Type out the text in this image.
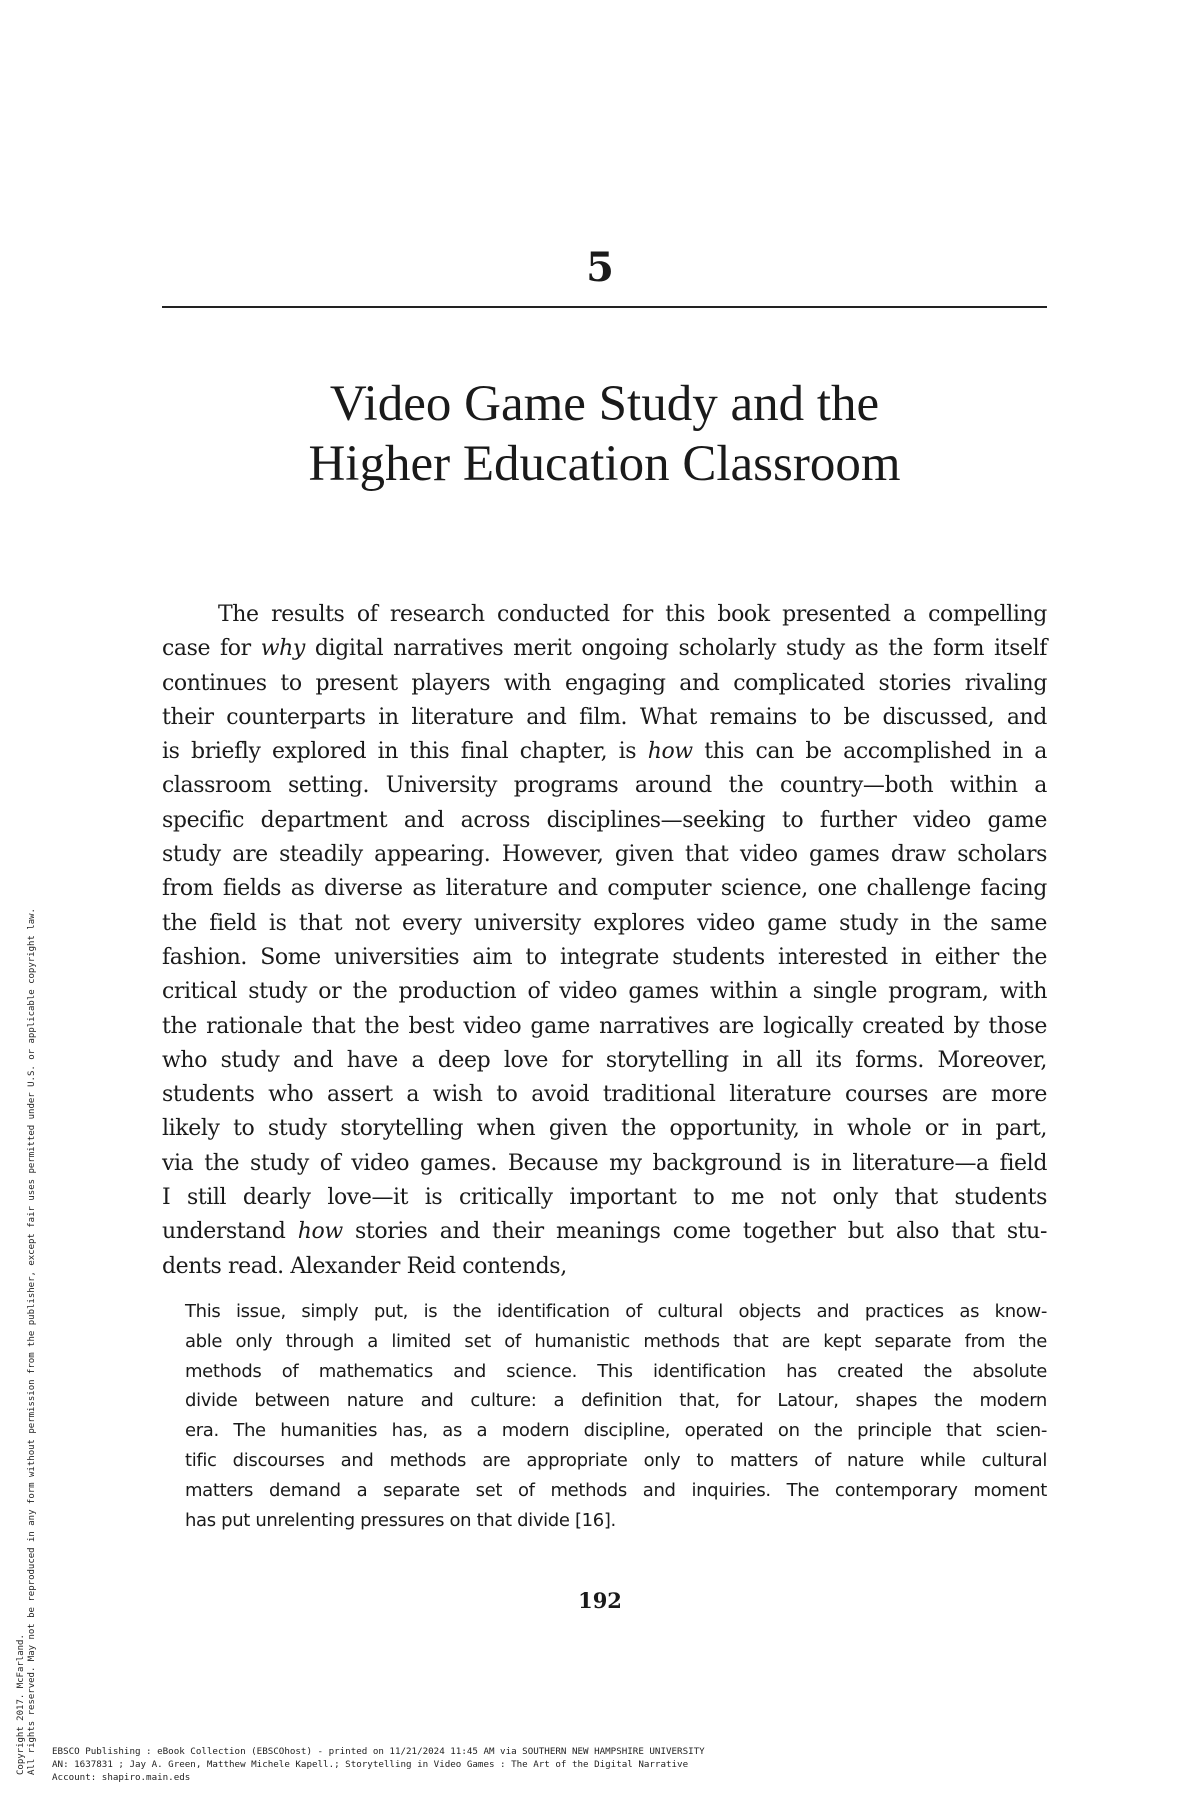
5
Video Game Study and the
Higher Education Classroom
The results of research conducted for this book presented a compelling
case for why digital narratives merit ongoing scholarly study as the form itself
continues to present players with engaging and complicated stories rivaling
their counterparts in literature and film. What remains to be discussed, and
is briefly explored in this final chapter, is how this can be accomplished in a
classroom setting. University programs around the country—both within a
specific department and across disciplines—seeking to further video game
study are steadily appearing. However, given that video games draw scholars
from fields as diverse as literature and computer science, one challenge facing
the field is that not every university explores video game study in the same
fashion. Some universities aim to integrate students interested in either the
critical study or the production of video games within a single program, with
the rationale that the best video game narratives are logically created by those
who study and have a deep love for storytelling in all its forms. Moreover,
students who assert a wish to avoid traditional literature courses are more
likely to study storytelling when given the opportunity, in whole or in part,
via the study of video games. Because my background is in literature—a field
I still dearly love—it is critically important to me not only that students
understand how stories and their meanings come together but also that stu-
dents read. Alexander Reid contends,
This issue, simply put, is the identification of cultural objects and practices as know-
able only through a limited set of humanistic methods that are kept separate from the
methods of mathematics and science. This identification has created the absolute
divide between nature and culture: a definition that, for Latour, shapes the modern
era. The humanities has, as a modern discipline, operated on the principle that scien-
tific discourses and methods are appropriate only to matters of nature while cultural
matters demand a separate set of methods and inquiries. The contemporary moment
has put unrelenting pressures on that divide [16].
192
Copyright 2017. McFarland. All rights reserved. May not be reproduced in any form without permission from the publisher, except fair uses permitted under U.S. or applicable copyright law. EBSCO Publishing : eBook Collection (EBSCOhost) - printed on 11/21/2024 11:45 AM via SOUTHERN NEW HAMPSHIRE UNIVERSITY
AN: 1637831 ; Jay A. Green, Matthew Michele Kapell.; Storytelling in Video Games : The Art of the Digital Narrative
Account: shapiro.main.eds
